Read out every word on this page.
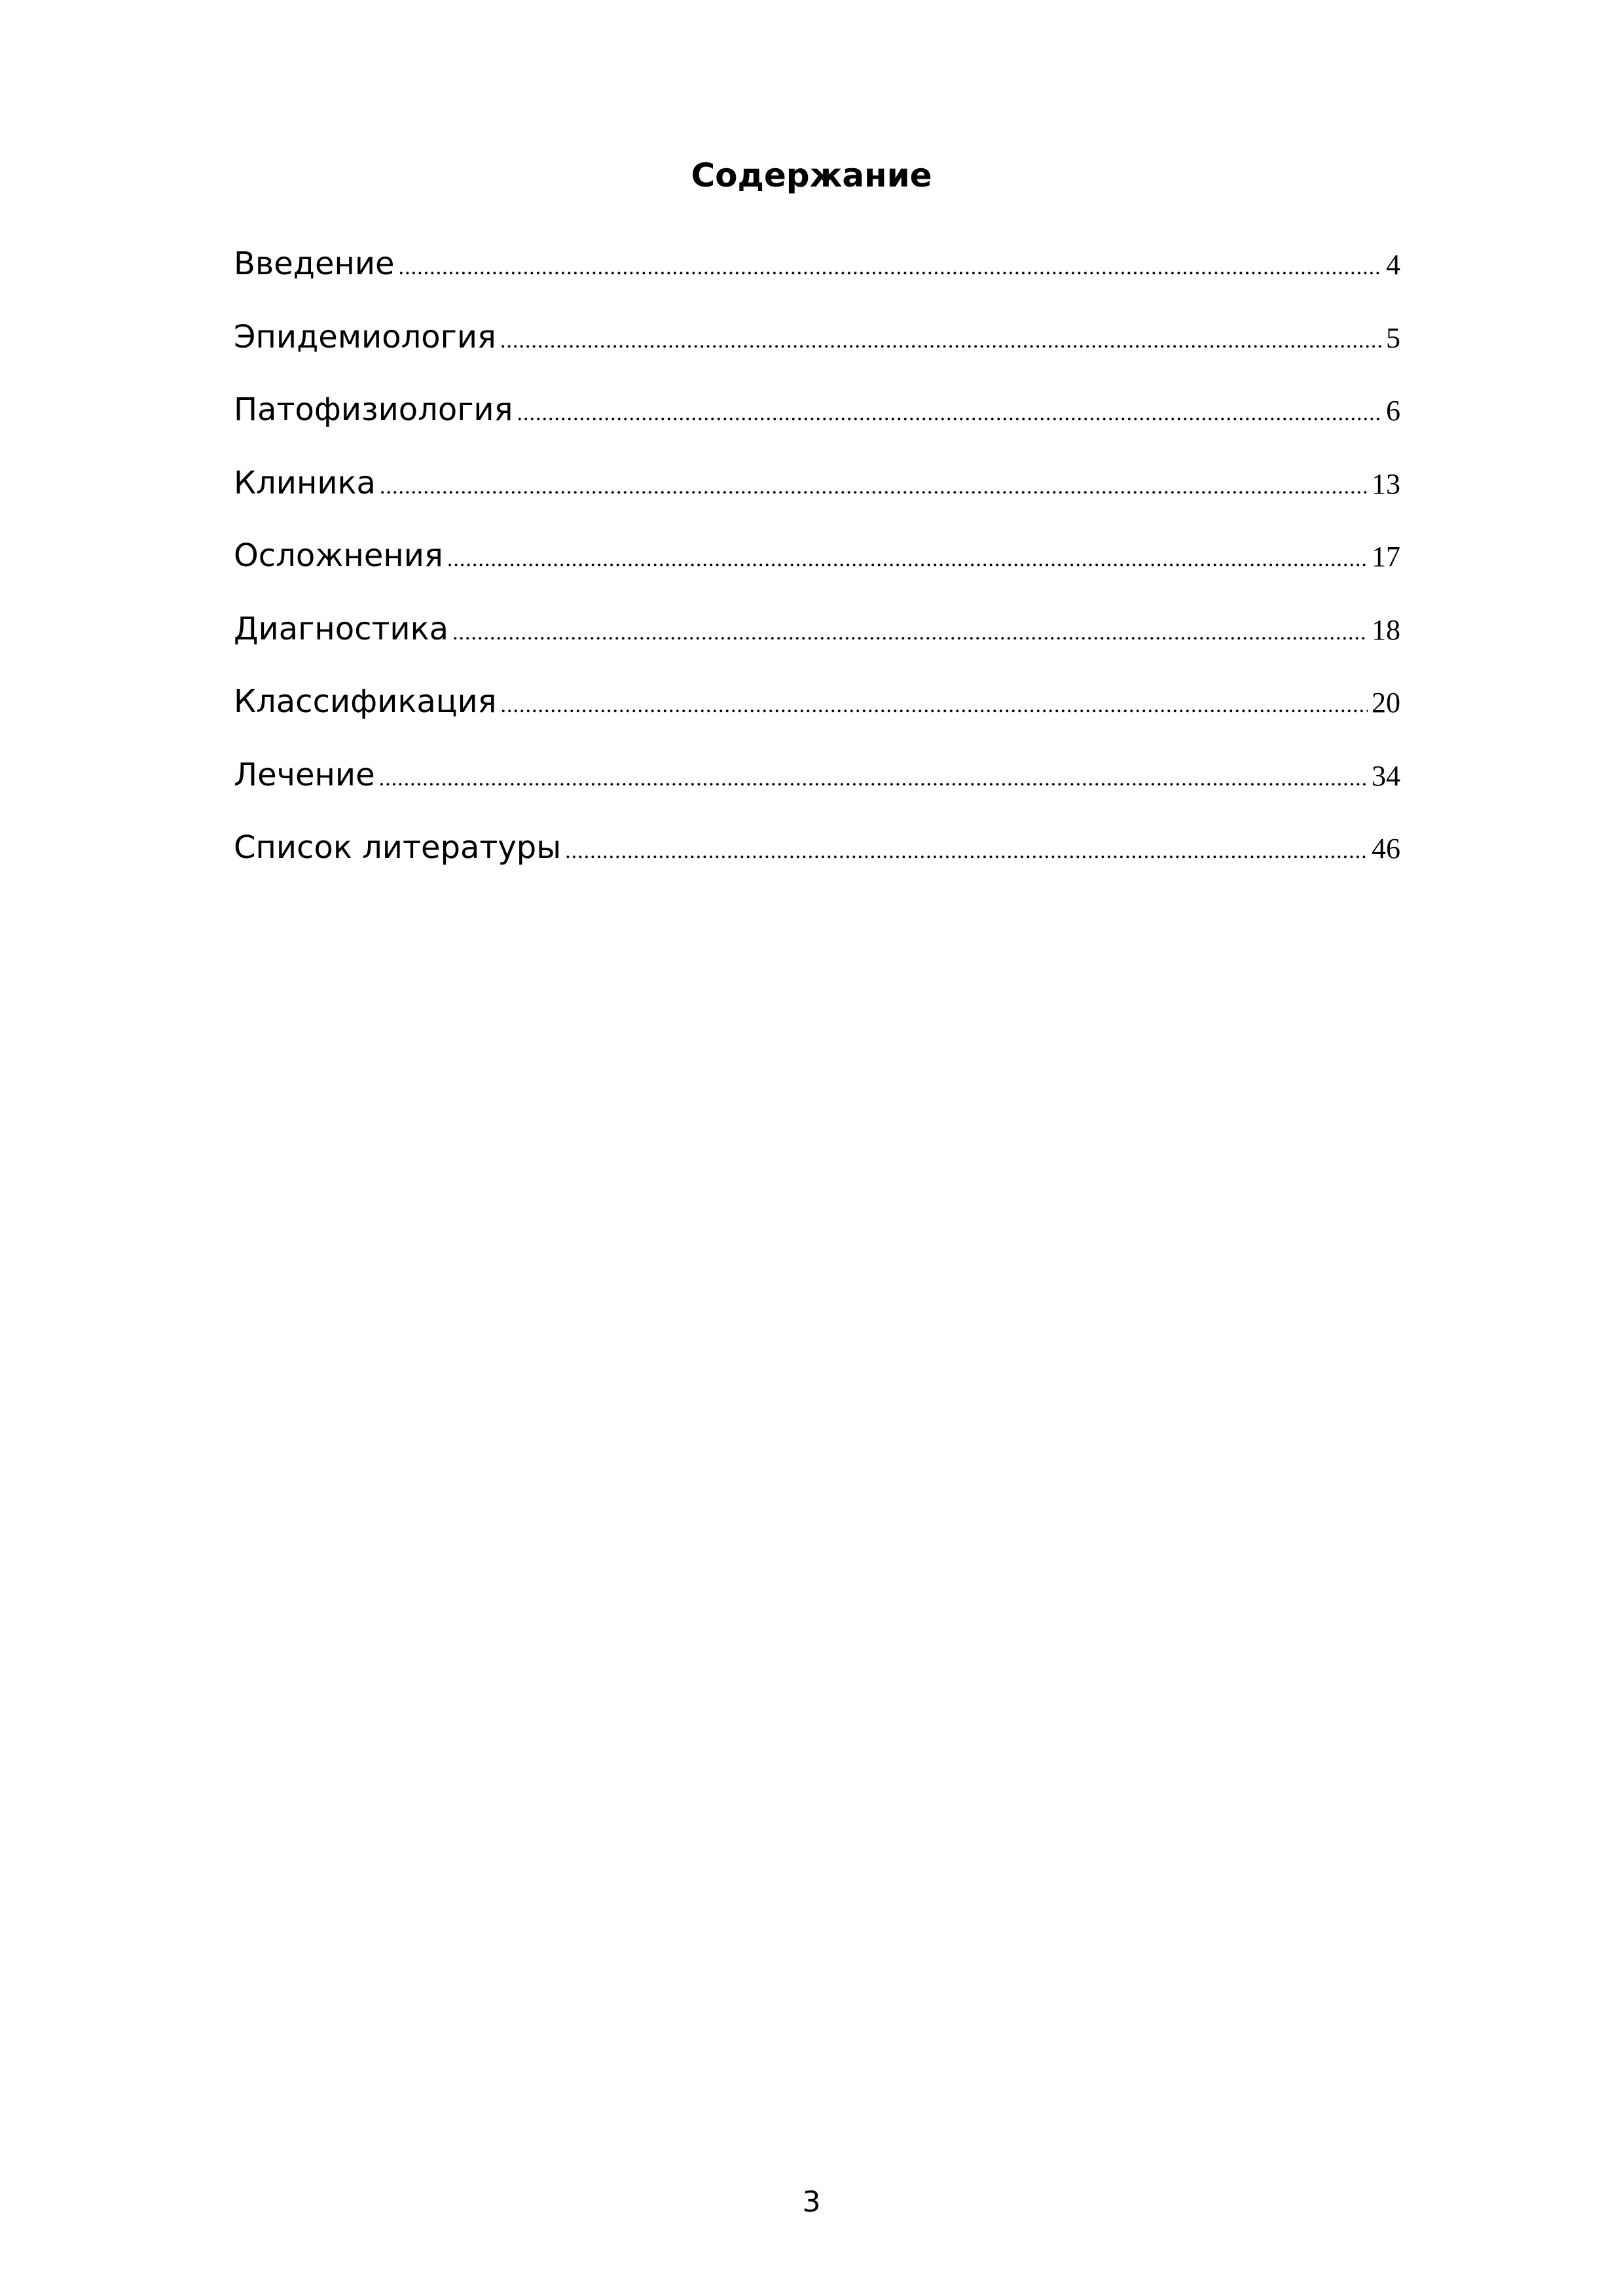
Содержание
Введение .....	4
Эпидемиология .....	5
Патофизиология .....	6
Клиника .....	13
Осложнения .....	17
Диагностика .....	18
Классификация .....	20
Лечение .....	34
Список литературы .....	46
3
